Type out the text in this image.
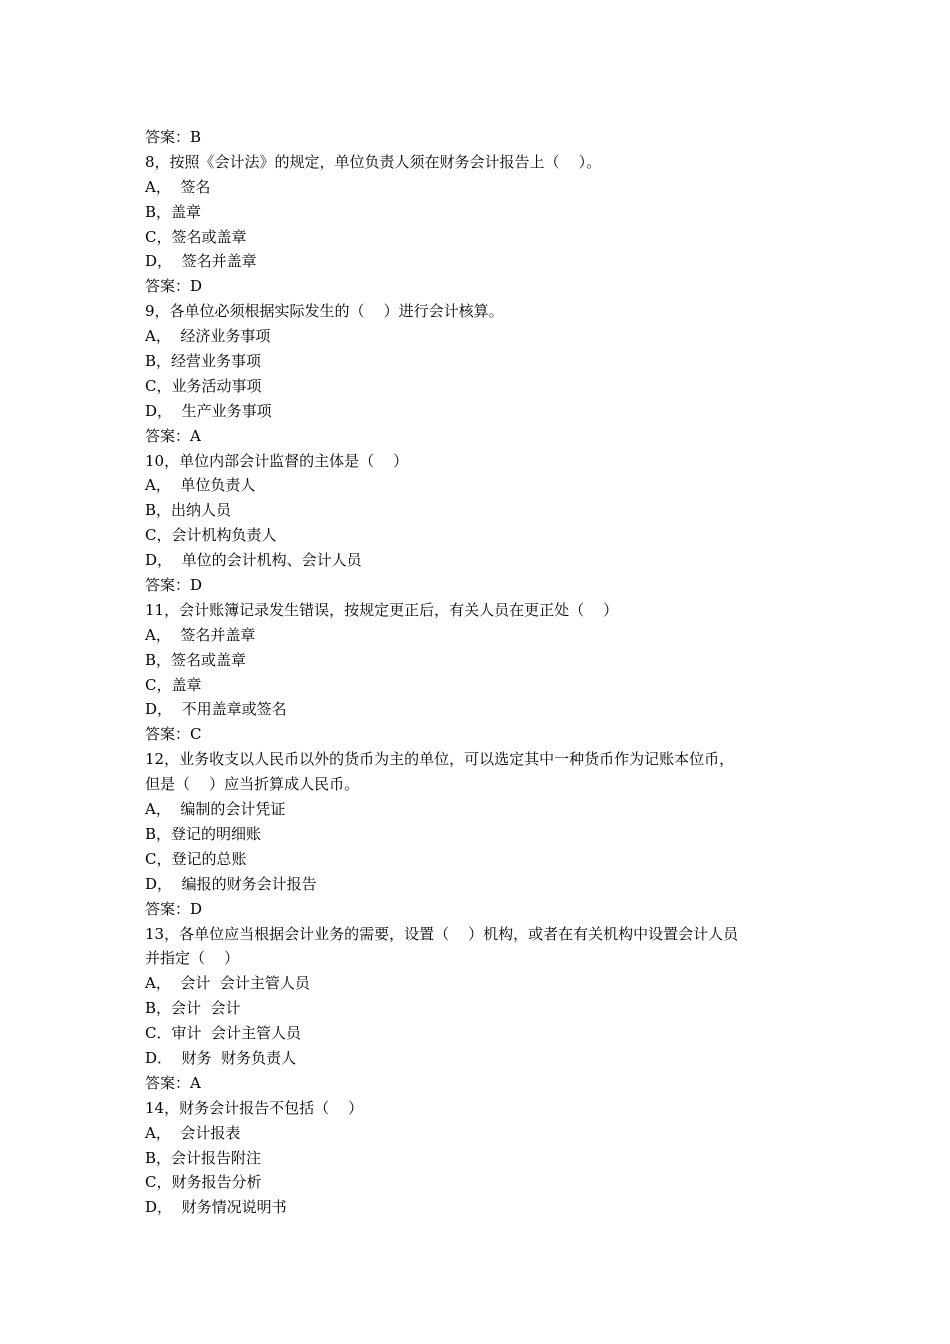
答案：B
8，按照《会计法》的规定，单位负责人须在财务会计报告上（    ）。
A，  签名
B，盖章
C，签名或盖章
D，  签名并盖章
答案：D
9，各单位必须根据实际发生的（    ）进行会计核算。
A，  经济业务事项
B，经营业务事项
C，业务活动事项
D，  生产业务事项
答案：A
10，单位内部会计监督的主体是（    ）
A，  单位负责人
B，出纳人员
C，会计机构负责人
D，  单位的会计机构、会计人员
答案：D
11，会计账簿记录发生错误，按规定更正后，有关人员在更正处（    ）
A，  签名并盖章
B，签名或盖章
C，盖章
D，  不用盖章或签名
答案：C
12，业务收支以人民币以外的货币为主的单位，可以选定其中一种货币作为记账本位币，
但是（    ）应当折算成人民币。
A，  编制的会计凭证
B，登记的明细账
C，登记的总账
D，  编报的财务会计报告
答案：D
13，各单位应当根据会计业务的需要，设置（    ）机构，或者在有关机构中设置会计人员
并指定（    ）
A，  会计  会计主管人员
B，会计  会计
C．审计  会计主管人员
D．  财务  财务负责人
答案：A
14，财务会计报告不包括（    ）
A，  会计报表
B，会计报告附注
C，财务报告分析
D，  财务情况说明书
